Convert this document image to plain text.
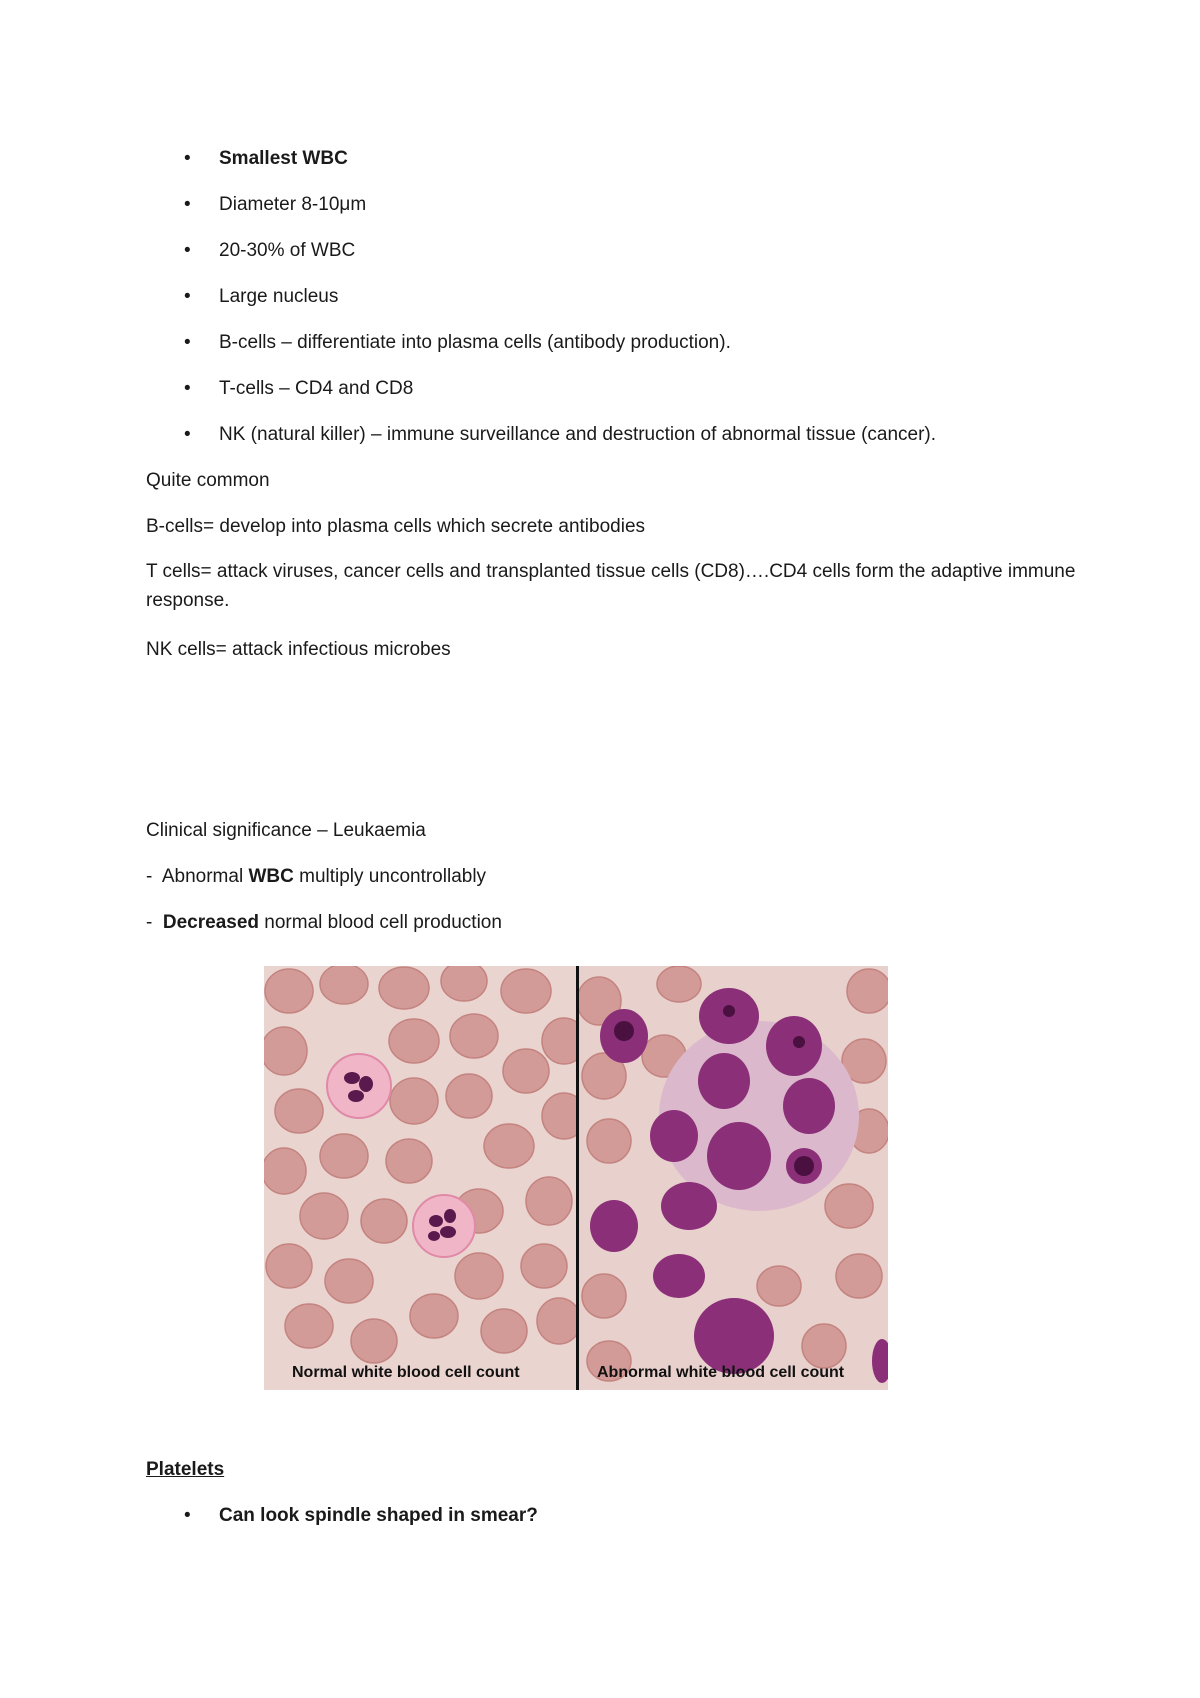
• Smallest WBC
• Diameter 8-10μm
• 20-30% of WBC
• Large nucleus
• B-cells – differentiate into plasma cells (antibody production).
• T-cells – CD4 and CD8
• NK (natural killer) – immune surveillance and destruction of abnormal tissue (cancer).
Quite common
B-cells= develop into plasma cells which secrete antibodies
T cells= attack viruses, cancer cells and transplanted tissue cells (CD8)….CD4 cells form the adaptive immune response.
NK cells= attack infectious microbes
Clinical significance – Leukaemia
- Abnormal WBC multiply uncontrollably
- Decreased normal blood cell production
Normal white blood cell count	Abnormal white blood cell count
Platelets
• Can look spindle shaped in smear?
